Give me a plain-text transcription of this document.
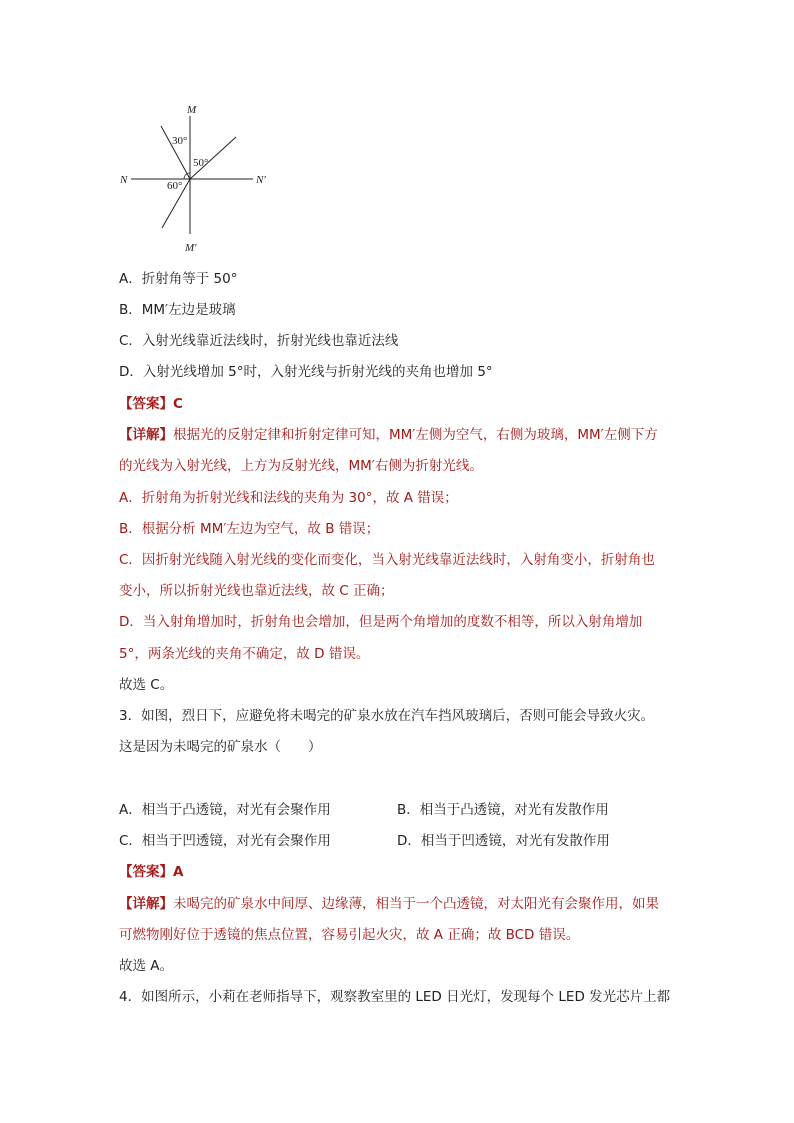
M
M′
N	N′
30°
50°
60°
A．折射角等于 50°
B．MM′左边是玻璃
C．入射光线靠近法线时，折射光线也靠近法线
D．入射光线增加 5°时，入射光线与折射光线的夹角也增加 5°
【答案】C
【详解】根据光的反射定律和折射定律可知，MM′左侧为空气，右侧为玻璃，MM′左侧下方
的光线为入射光线，上方为反射光线，MM′右侧为折射光线。
A．折射角为折射光线和法线的夹角为 30°，故 A 错误；
B．根据分析 MM′左边为空气，故 B 错误；
C．因折射光线随入射光线的变化而变化，当入射光线靠近法线时，入射角变小，折射角也
变小，所以折射光线也靠近法线，故 C 正确；
D．当入射角增加时，折射角也会增加，但是两个角增加的度数不相等，所以入射角增加
5°，两条光线的夹角不确定，故 D 错误。
故选 C。
3．如图，烈日下，应避免将未喝完的矿泉水放在汽车挡风玻璃后，否则可能会导致火灾。
这是因为未喝完的矿泉水（　　）
A．相当于凸透镜，对光有会聚作用	B．相当于凸透镜，对光有发散作用
C．相当于凹透镜，对光有会聚作用	D．相当于凹透镜，对光有发散作用
【答案】A
【详解】未喝完的矿泉水中间厚、边缘薄，相当于一个凸透镜，对太阳光有会聚作用，如果
可燃物刚好位于透镜的焦点位置，容易引起火灾，故 A 正确；故 BCD 错误。
故选 A。
4．如图所示，小莉在老师指导下，观察教室里的 LED 日光灯，发现每个 LED 发光芯片上都
